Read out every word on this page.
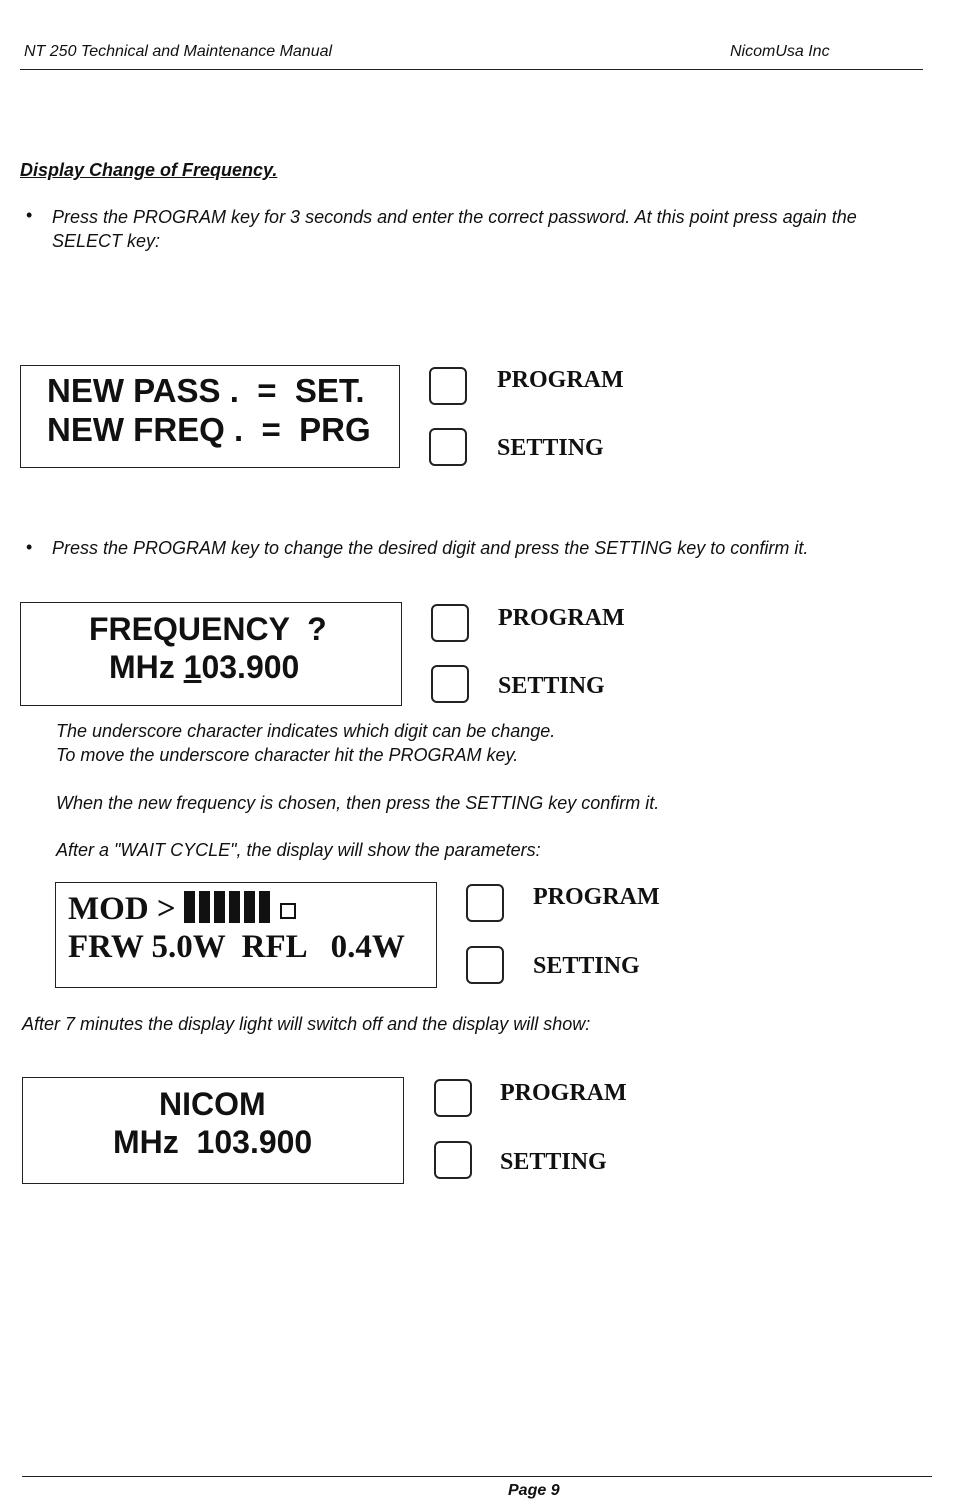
NT 250 Technical and Maintenance Manual	NicomUsa Inc
Display Change of Frequency.
• Press the PROGRAM key for 3 seconds and enter the correct password. At this point press again the
SELECT key:
NEW PASS .  =  SET.
NEW FREQ .  =  PRG
PROGRAM
SETTING
• Press the PROGRAM key to change the desired digit and press the SETTING key to confirm it.
FREQUENCY  ?
MHz 103.900
PROGRAM
SETTING
The underscore character indicates which digit can be change.
To move the underscore character hit the PROGRAM key.
When the new frequency is chosen, then press the SETTING key confirm it.
After a "WAIT CYCLE", the display will show the parameters:
MOD >
FRW 5.0W  RFL   0.4W
PROGRAM
SETTING
After 7 minutes the display light will switch off and the display will show:
NICOM
MHz  103.900
PROGRAM
SETTING
Page 9
